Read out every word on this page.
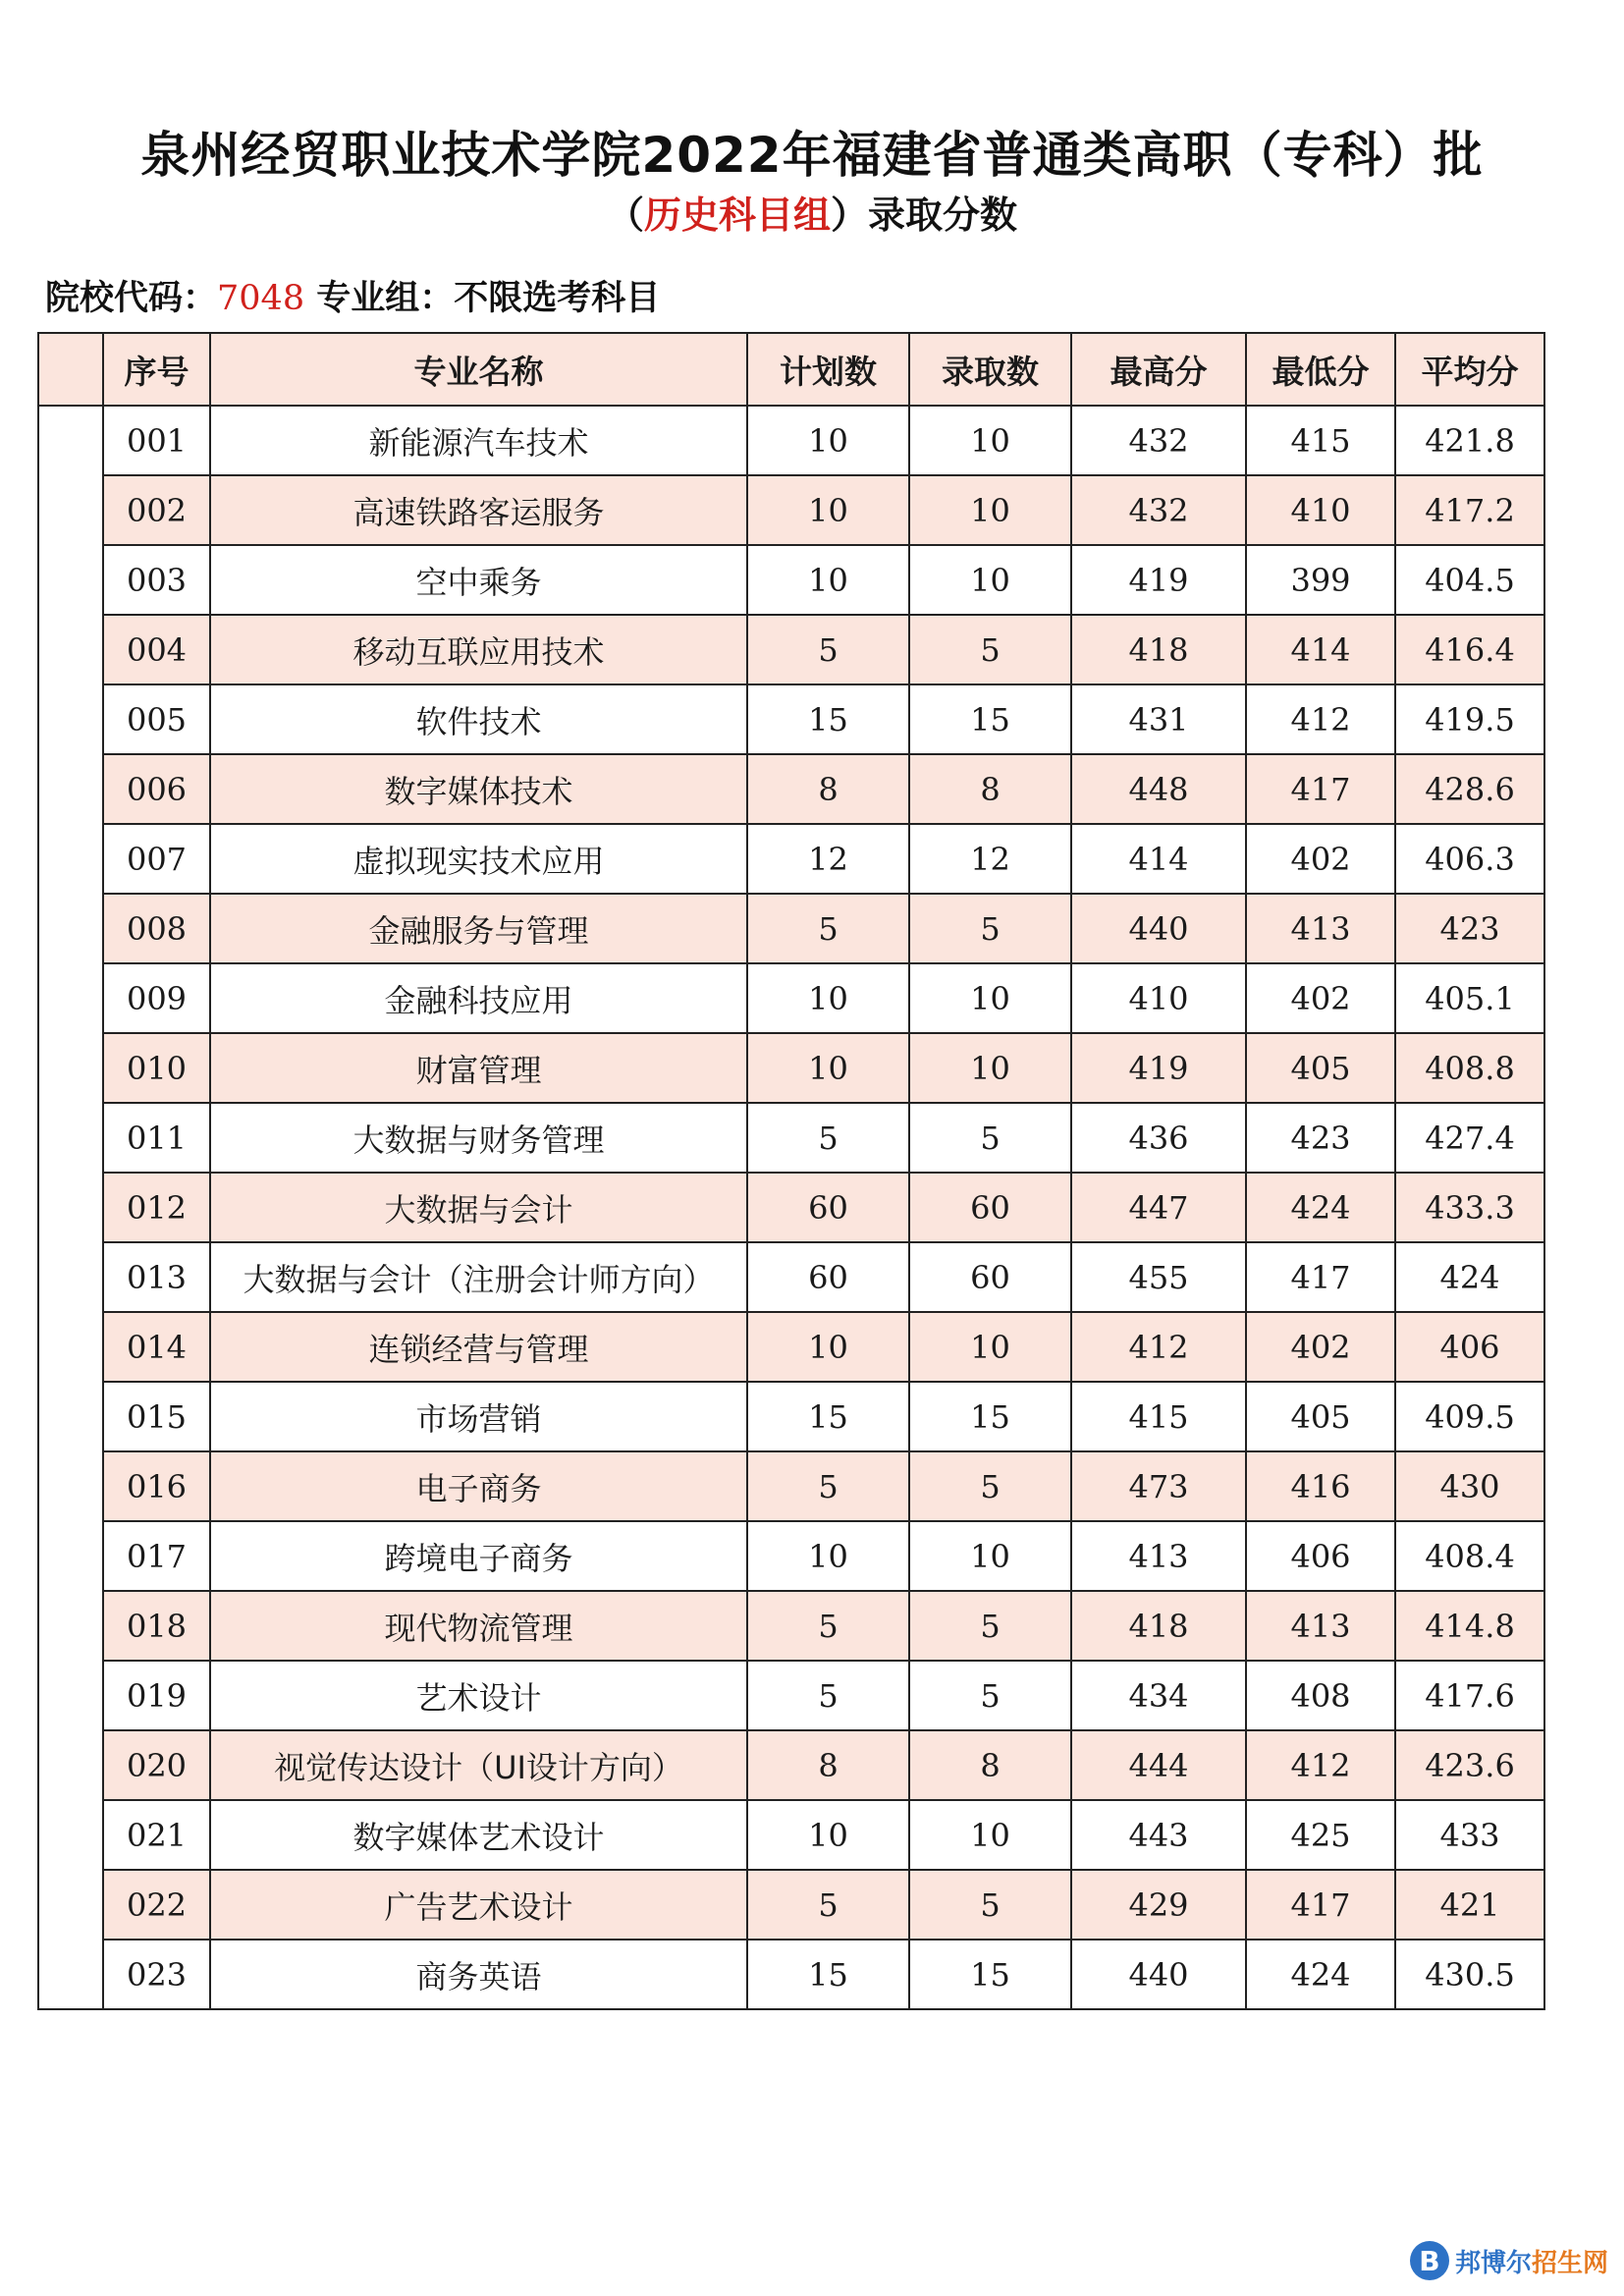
泉州经贸职业技术学院2022年福建省普通类高职（专科）批
（历史科目组）录取分数
院校代码：7048 专业组：不限选考科目
	序号	专业名称	计划数	录取数	最高分	最低分	平均分
	001	新能源汽车技术	10	10	432	415	421.8
	002	高速铁路客运服务	10	10	432	410	417.2
	003	空中乘务	10	10	419	399	404.5
	004	移动互联应用技术	5	5	418	414	416.4
	005	软件技术	15	15	431	412	419.5
	006	数字媒体技术	8	8	448	417	428.6
	007	虚拟现实技术应用	12	12	414	402	406.3
	008	金融服务与管理	5	5	440	413	423
	009	金融科技应用	10	10	410	402	405.1
	010	财富管理	10	10	419	405	408.8
	011	大数据与财务管理	5	5	436	423	427.4
	012	大数据与会计	60	60	447	424	433.3
	013	大数据与会计（注册会计师方向）	60	60	455	417	424
	014	连锁经营与管理	10	10	412	402	406
	015	市场营销	15	15	415	405	409.5
	016	电子商务	5	5	473	416	430
	017	跨境电子商务	10	10	413	406	408.4
	018	现代物流管理	5	5	418	413	414.8
	019	艺术设计	5	5	434	408	417.6
	020	视觉传达设计（UI设计方向）	8	8	444	412	423.6
	021	数字媒体艺术设计	10	10	443	425	433
	022	广告艺术设计	5	5	429	417	421
	023	商务英语	15	15	440	424	430.5
B 邦博尔招生网
